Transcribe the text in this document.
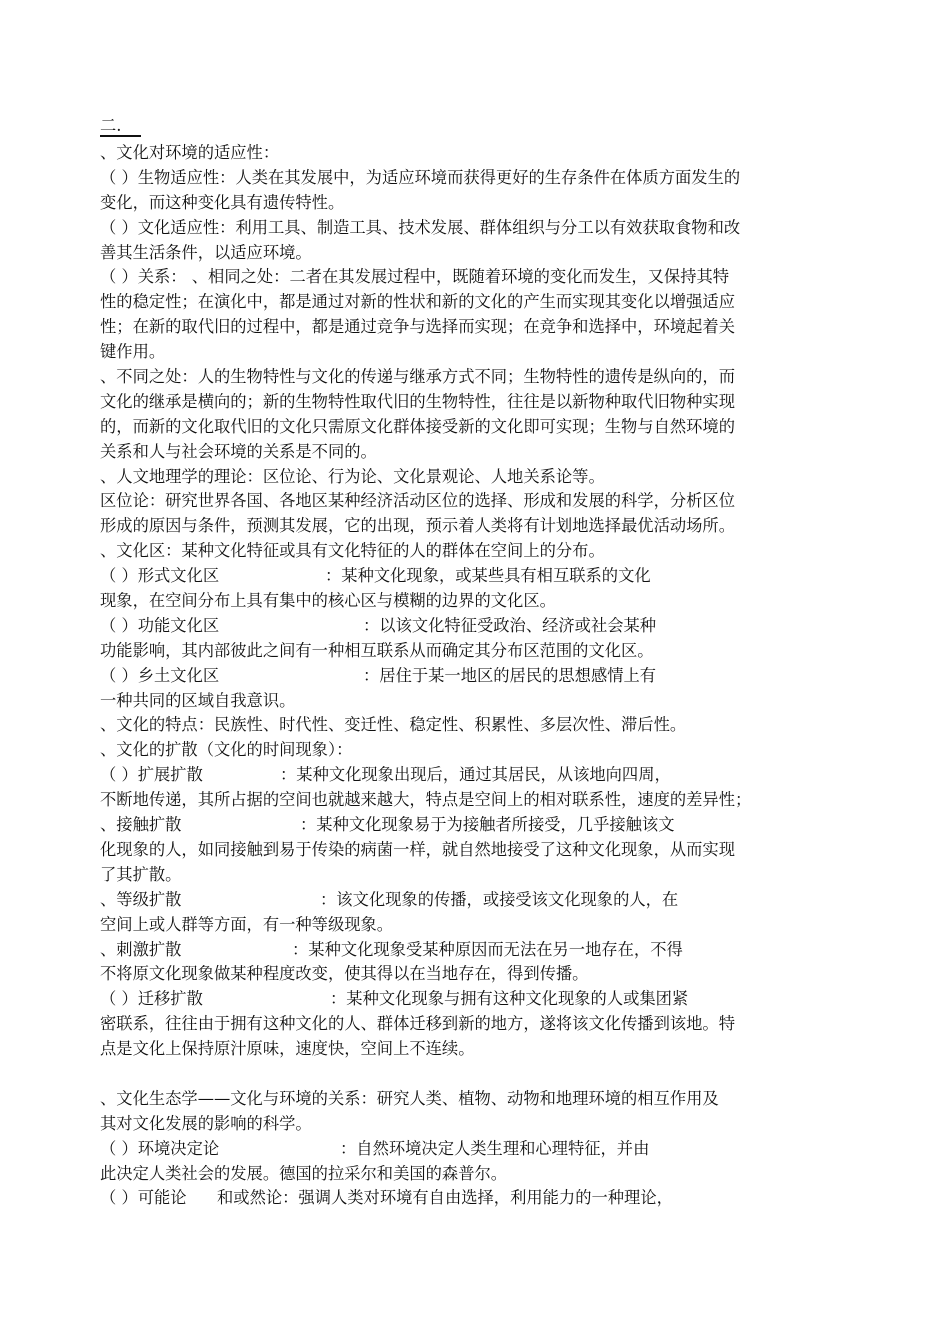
二.
、文化对环境的适应性：
（ ）生物适应性：人类在其发展中，为适应环境而获得更好的生存条件在体质方面发生的
变化，而这种变化具有遗传特性。
（ ）文化适应性：利用工具、制造工具、技术发展、群体组织与分工以有效获取食物和改
善其生活条件，以适应环境。
（ ）关系： 、相同之处：二者在其发展过程中，既随着环境的变化而发生，又保持其特
性的稳定性；在演化中，都是通过对新的性状和新的文化的产生而实现其变化以增强适应
性；在新的取代旧的过程中，都是通过竞争与选择而实现；在竞争和选择中，环境起着关
键作用。
、不同之处：人的生物特性与文化的传递与继承方式不同；生物特性的遗传是纵向的，而
文化的继承是横向的；新的生物特性取代旧的生物特性，往往是以新物种取代旧物种实现
的，而新的文化取代旧的文化只需原文化群体接受新的文化即可实现；生物与自然环境的
关系和人与社会环境的关系是不同的。
、人文地理学的理论：区位论、行为论、文化景观论、人地关系论等。
区位论：研究世界各国、各地区某种经济活动区位的选择、形成和发展的科学，分析区位
形成的原因与条件，预测其发展，它的出现，预示着人类将有计划地选择最优活动场所。
、文化区：某种文化特征或具有文化特征的人的群体在空间上的分布。
（ ）形式文化区	：某种文化现象，或某些具有相互联系的文化
现象，在空间分布上具有集中的核心区与模糊的边界的文化区。
（ ）功能文化区	：以该文化特征受政治、经济或社会某种
功能影响，其内部彼此之间有一种相互联系从而确定其分布区范围的文化区。
（ ）乡土文化区	：居住于某一地区的居民的思想感情上有
一种共同的区域自我意识。
、文化的特点：民族性、时代性、变迁性、稳定性、积累性、多层次性、滞后性。
、文化的扩散（文化的时间现象）：
（ ）扩展扩散	：某种文化现象出现后，通过其居民，从该地向四周，
不断地传递，其所占据的空间也就越来越大，特点是空间上的相对联系性，速度的差异性；
、接触扩散	：某种文化现象易于为接触者所接受，几乎接触该文
化现象的人，如同接触到易于传染的病菌一样，就自然地接受了这种文化现象，从而实现
了其扩散。
、等级扩散	：该文化现象的传播，或接受该文化现象的人，在
空间上或人群等方面，有一种等级现象。
、刺激扩散	：某种文化现象受某种原因而无法在另一地存在，不得
不将原文化现象做某种程度改变，使其得以在当地存在，得到传播。
（ ）迁移扩散	：某种文化现象与拥有这种文化现象的人或集团紧
密联系，往往由于拥有这种文化的人、群体迁移到新的地方，遂将该文化传播到该地。特
点是文化上保持原汁原味，速度快，空间上不连续。
、文化生态学——文化与环境的关系：研究人类、植物、动物和地理环境的相互作用及
其对文化发展的影响的科学。
（ ）环境决定论	：自然环境决定人类生理和心理特征，并由
此决定人类社会的发展。德国的拉采尔和美国的森普尔。
（ ）可能论 和或然论：强调人类对环境有自由选择，利用能力的一种理论，
